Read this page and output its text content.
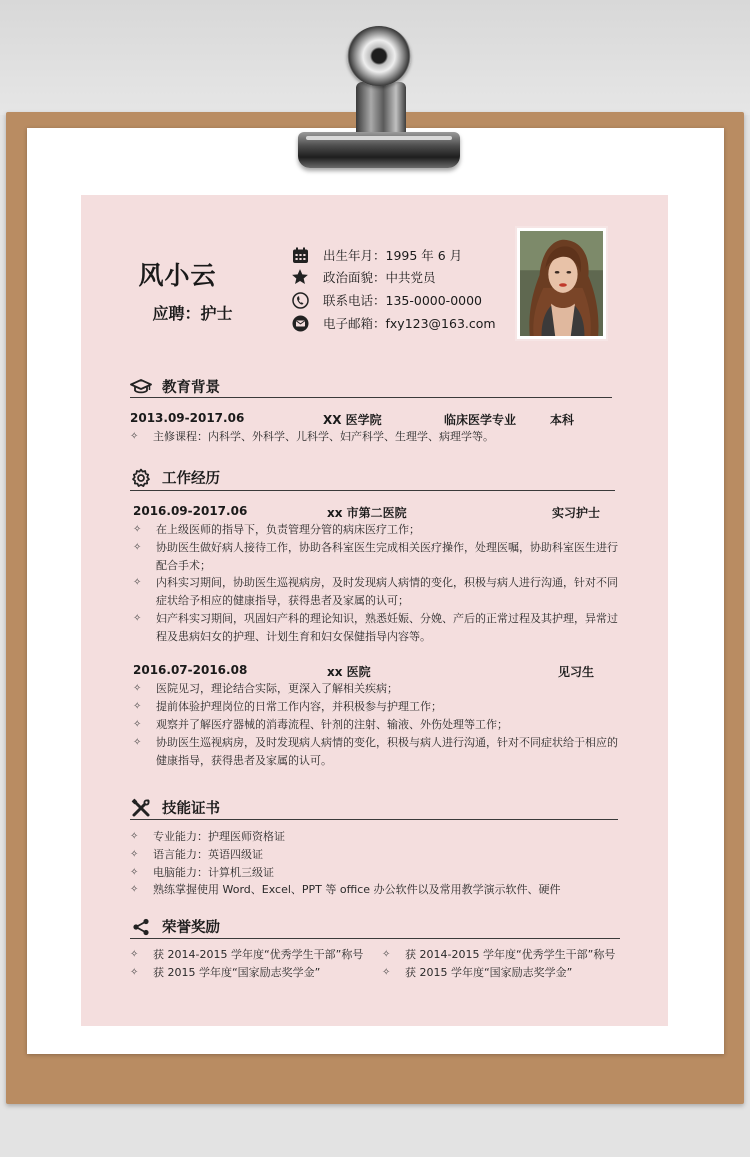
风小云
应聘：护士
出生年月：1995 年 6 月
政治面貌：中共党员
联系电话：135-0000-0000
电子邮箱：fxy123@163.com
教育背景
2013.09-2017.06	XX 医学院	临床医学专业	本科
✧ 主修课程：内科学、外科学、儿科学、妇产科学、生理学、病理学等。
工作经历
2016.09-2017.06	xx 市第二医院	实习护士
✧ 在上级医师的指导下，负责管理分管的病床医疗工作；
✧ 协助医生做好病人接待工作，协助各科室医生完成相关医疗操作，处理医嘱，协助科室医生进行
配合手术；
✧ 内科实习期间，协助医生巡视病房，及时发现病人病情的变化，积极与病人进行沟通，针对不同
症状给予相应的健康指导，获得患者及家属的认可；
✧ 妇产科实习期间，巩固妇产科的理论知识，熟悉妊娠、分娩、产后的正常过程及其护理，异常过
程及患病妇女的护理、计划生育和妇女保健指导内容等。
2016.07-2016.08	xx 医院	见习生
✧ 医院见习，理论结合实际，更深入了解相关疾病；
✧ 提前体验护理岗位的日常工作内容，并积极参与护理工作；
✧ 观察并了解医疗器械的消毒流程、针剂的注射、输液、外伤处理等工作；
✧ 协助医生巡视病房，及时发现病人病情的变化，积极与病人进行沟通，针对不同症状给于相应的
健康指导，获得患者及家属的认可。
技能证书
✧ 专业能力：护理医师资格证
✧ 语言能力：英语四级证
✧ 电脑能力：计算机三级证
✧ 熟练掌握使用 Word、Excel、PPT 等 office 办公软件以及常用教学演示软件、硬件
荣誉奖励
✧ 获 2014-2015 学年度“优秀学生干部”称号 ✧ 获 2014-2015 学年度“优秀学生干部”称号
✧ 获 2015 学年度“国家励志奖学金”	✧ 获 2015 学年度“国家励志奖学金”
